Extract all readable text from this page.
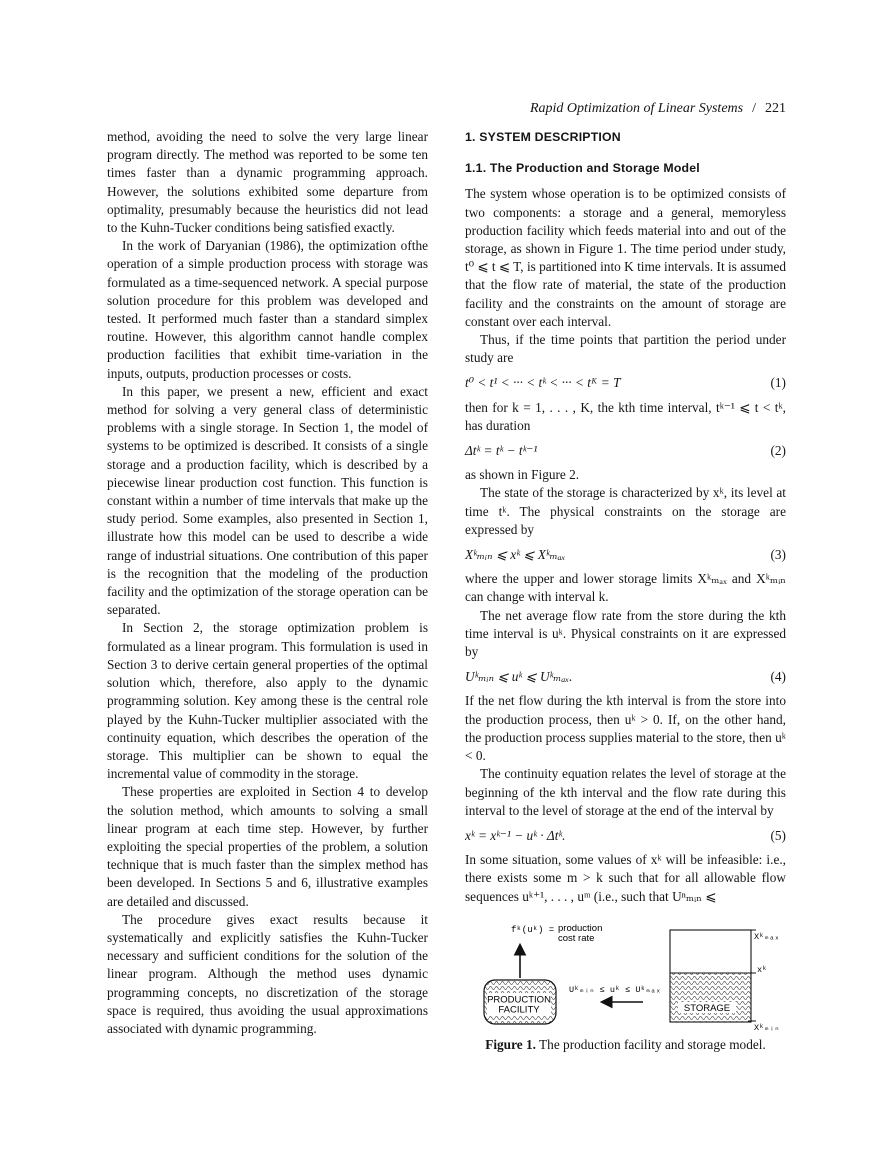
Rapid Optimization of Linear Systems / 221

method, avoiding the need to solve the very large linear program directly. The method was reported to be some ten times faster than a dynamic programming approach. However, the solutions exhibited some departure from optimality, presumably because the heuristics did not lead to the Kuhn-Tucker conditions being satisfied exactly.

In the work of Daryanian (1986), the optimization ofthe operation of a simple production process with storage was formulated as a time-sequenced network. A special purpose solution procedure for this problem was developed and tested. It performed much faster than a standard simplex routine. However, this algorithm cannot handle complex production facilities that exhibit time-variation in the inputs, outputs, production processes or costs.

In this paper, we present a new, efficient and exact method for solving a very general class of deterministic problems with a single storage. In Section 1, the model of systems to be optimized is described. It consists of a single storage and a production facility, which is described by a piecewise linear production cost function. This function is constant within a number of time intervals that make up the study period. Some examples, also presented in Section 1, illustrate how this model can be used to describe a wide range of industrial situations. One contribution of this paper is the recognition that the modeling of the production facility and the optimization of the storage operation can be separated.

In Section 2, the storage optimization problem is formulated as a linear program. This formulation is used in Section 3 to derive certain general properties of the optimal solution which, therefore, also apply to the dynamic programming solution. Key among these is the central role played by the Kuhn-Tucker multiplier associated with the continuity equation, which describes the operation of the storage. This multiplier can be shown to equal the incremental value of commodity in the storage.

These properties are exploited in Section 4 to develop the solution method, which amounts to solving a small linear program at each time step. However, by further exploiting the special properties of the problem, a solution technique that is much faster than the simplex method has been developed. In Sections 5 and 6, illustrative examples are detailed and discussed.

The procedure gives exact results because it systematically and explicitly satisfies the Kuhn-Tucker necessary and sufficient conditions for the solution of the linear program. Although the method uses dynamic programming concepts, no discretization of the storage space is required, thus avoiding the usual approximations associated with dynamic programming.

1. SYSTEM DESCRIPTION
1.1. The Production and Storage Model

The system whose operation is to be optimized consists of two components: a storage and a general, memoryless production facility which feeds material into and out of the storage, as shown in Figure 1. The time period under study, t⁰ ⩽ t ⩽ T, is partitioned into K time intervals. It is assumed that the flow rate of material, the state of the production facility and the constraints on the amount of storage are constant over each interval.

Thus, if the time points that partition the period under study are

t⁰ < t¹ < ··· < tᵏ < ··· < tᴷ = T	(1)

then for k = 1, . . . , K, the kth time interval, tᵏ⁻¹ ⩽ t < tᵏ, has duration

Δtᵏ = tᵏ − tᵏ⁻¹	(2)

as shown in Figure 2.

The state of the storage is characterized by xᵏ, its level at time tᵏ. The physical constraints on the storage are expressed by

Xᵏₘᵢₙ ⩽ xᵏ ⩽ Xᵏₘₐₓ	(3)

where the upper and lower storage limits Xᵏₘₐₓ and Xᵏₘᵢₙ can change with interval k.

The net average flow rate from the store during the kth time interval is uᵏ. Physical constraints on it are expressed by

Uᵏₘᵢₙ ⩽ uᵏ ⩽ Uᵏₘₐₓ.	(4)

If the net flow during the kth interval is from the store into the production process, then uᵏ > 0. If, on the other hand, the production process supplies material to the store, then uᵏ < 0.

The continuity equation relates the level of storage at the beginning of the kth interval and the flow rate during this interval to the level of storage at the end of the interval by

xᵏ = xᵏ⁻¹ − uᵏ · Δtᵏ.	(5)

In some situation, some values of xᵏ will be infeasible: i.e., there exists some m > k such that for all allowable flow sequences uᵏ⁺¹, . . . , uᵐ (i.e., such that Uⁿₘᵢₙ ⩽

fᵏ(uᵏ) = production
cost rate
PRODUCTION
FACILITY
Uᵏₘᵢₙ ≤ uᵏ ≤ Uᵏₘₐₓ
STORAGE
Xᵏₘₐₓ
xᵏ
Xᵏₘᵢₙ
Figure 1. The production facility and storage model.
